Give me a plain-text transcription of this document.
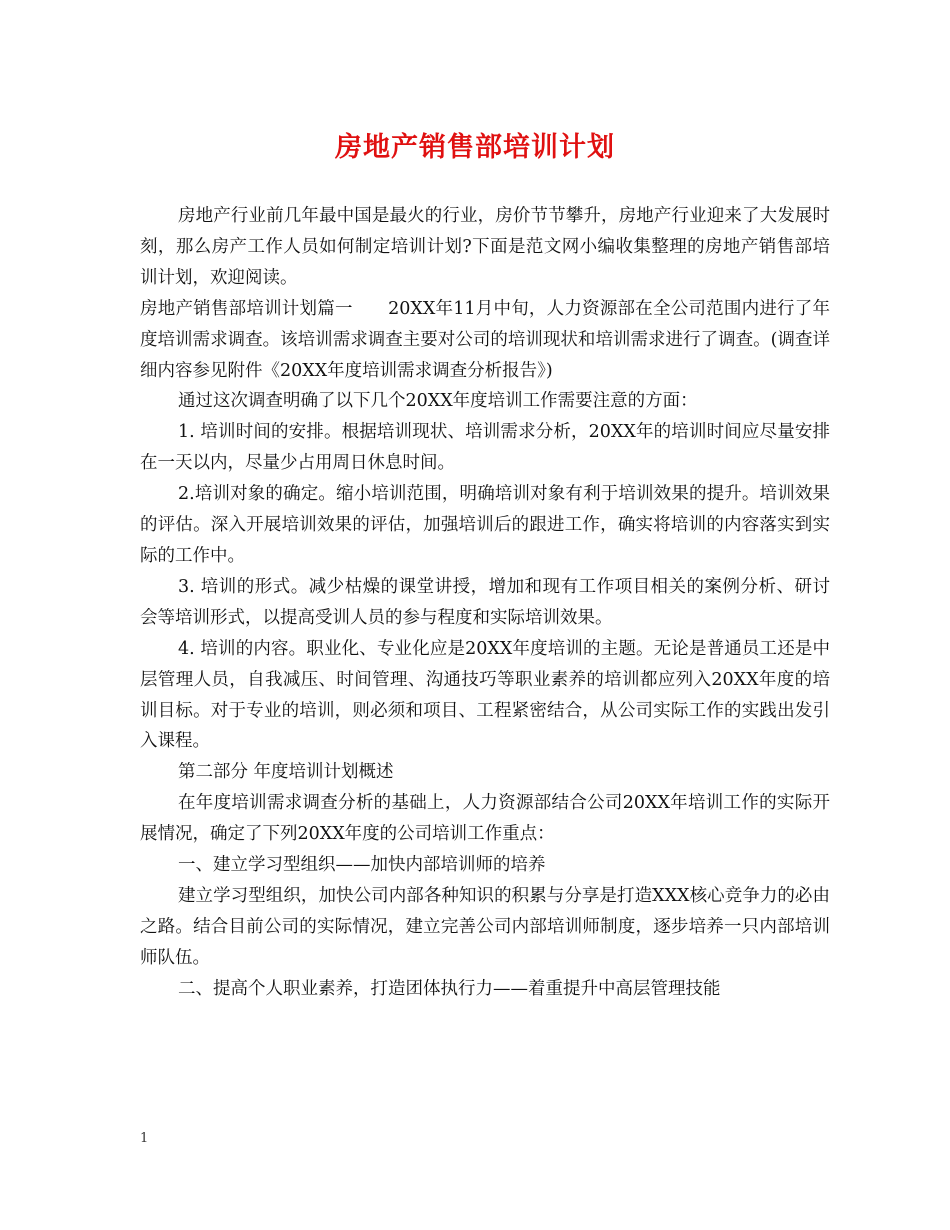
房地产销售部培训计划

房地产行业前几年最中国是最火的行业，房价节节攀升，房地产行业迎来了大发展时刻，那么房产工作人员如何制定培训计划?下面是范文网小编收集整理的房地产销售部培训计划，欢迎阅读。

房地产销售部培训计划篇一　　20XX年11月中旬，人力资源部在全公司范围内进行了年度培训需求调查。该培训需求调查主要对公司的培训现状和培训需求进行了调查。(调查详细内容参见附件《20XX年度培训需求调查分析报告》)

通过这次调查明确了以下几个20XX年度培训工作需要注意的方面：

1. 培训时间的安排。根据培训现状、培训需求分析，20XX年的培训时间应尽量安排在一天以内，尽量少占用周日休息时间。

2.培训对象的确定。缩小培训范围，明确培训对象有利于培训效果的提升。培训效果的评估。深入开展培训效果的评估，加强培训后的跟进工作，确实将培训的内容落实到实际的工作中。

3. 培训的形式。减少枯燥的课堂讲授，增加和现有工作项目相关的案例分析、研讨会等培训形式，以提高受训人员的参与程度和实际培训效果。

4. 培训的内容。职业化、专业化应是20XX年度培训的主题。无论是普通员工还是中层管理人员，自我减压、时间管理、沟通技巧等职业素养的培训都应列入20XX年度的培训目标。对于专业的培训，则必须和项目、工程紧密结合，从公司实际工作的实践出发引入课程。

第二部分 年度培训计划概述

在年度培训需求调查分析的基础上，人力资源部结合公司20XX年培训工作的实际开展情况，确定了下列20XX年度的公司培训工作重点：

一、建立学习型组织——加快内部培训师的培养

建立学习型组织，加快公司内部各种知识的积累与分享是打造XXX核心竞争力的必由之路。结合目前公司的实际情况，建立完善公司内部培训师制度，逐步培养一只内部培训师队伍。

二、提高个人职业素养，打造团体执行力——着重提升中高层管理技能

1
